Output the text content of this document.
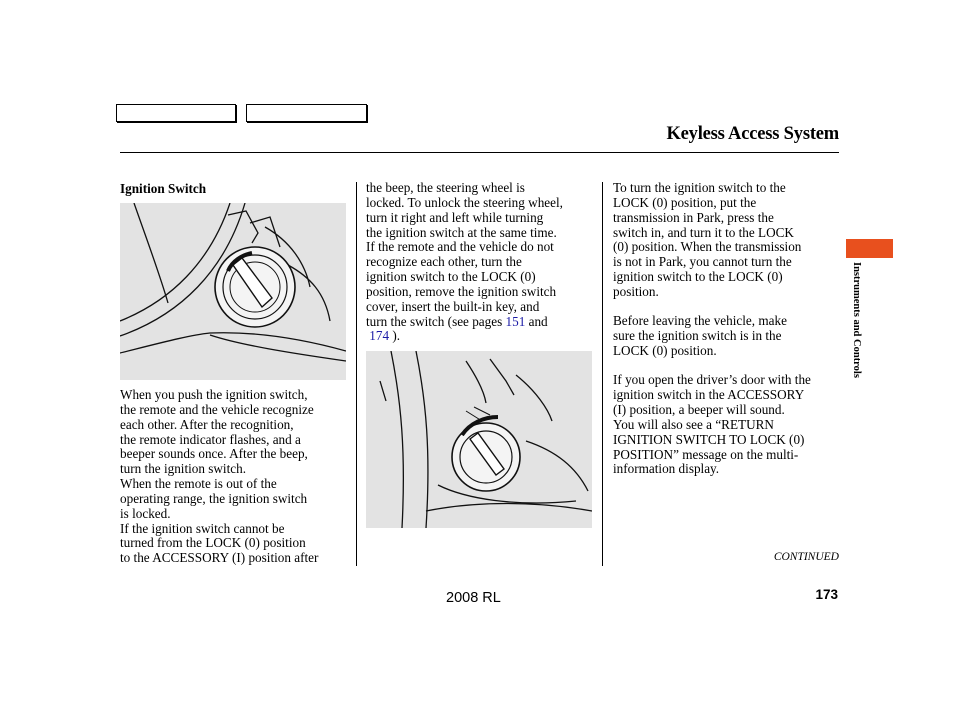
Keyless Access System
Ignition Switch
When you push the ignition switch,
the remote and the vehicle recognize
each other. After the recognition,
the remote indicator flashes, and a
beeper sounds once. After the beep,
turn the ignition switch.
When the remote is out of the
operating range, the ignition switch
is locked.
If the ignition switch cannot be
turned from the LOCK (0) position
to the ACCESSORY (I) position after
the beep, the steering wheel is
locked. To unlock the steering wheel,
turn it right and left while turning
the ignition switch at the same time.
If the remote and the vehicle do not
recognize each other, turn the
ignition switch to the LOCK (0)
position, remove the ignition switch
cover, insert the built-in key, and
turn the switch (see pages 151 and
174 ).
To turn the ignition switch to the
LOCK (0) position, put the
transmission in Park, press the
switch in, and turn it to the LOCK
(0) position. When the transmission
is not in Park, you cannot turn the
ignition switch to the LOCK (0)
position.
Before leaving the vehicle, make
sure the ignition switch is in the
LOCK (0) position.
If you open the driver’s door with the
ignition switch in the ACCESSORY
(I) position, a beeper will sound.
You will also see a “RETURN
IGNITION SWITCH TO LOCK (0)
POSITION” message on the multi-
information display.
Instruments and Controls
CONTINUED
2008 RL	173
